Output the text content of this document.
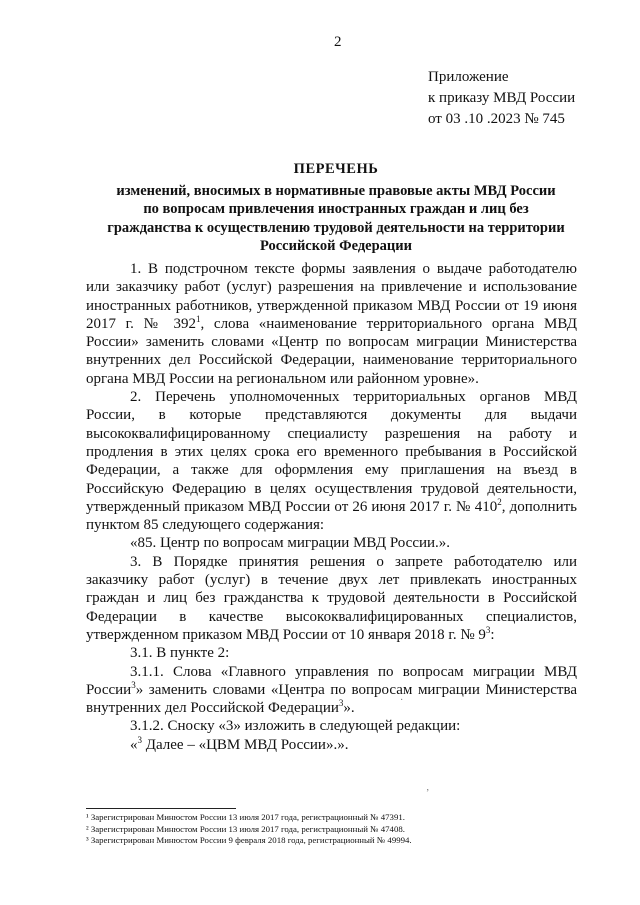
2
Приложение
к приказу МВД России
от 03 .10 .2023 № 745
ПЕРЕЧЕНЬ
изменений, вносимых в нормативные правовые акты МВД России
по вопросам привлечения иностранных граждан и лиц без
гражданства к осуществлению трудовой деятельности на территории
Российской Федерации

1. В подстрочном тексте формы заявления о выдаче работодателю или заказчику работ (услуг) разрешения на привлечение и использование иностранных работников, утвержденной приказом МВД России от 19 июня 2017 г. № $392^1$, слова «наименование территориального органа МВД России» заменить словами «Центр по вопросам миграции Министерства внутренних дел Российской Федерации, наименование территориального органа МВД России на региональном или районном уровне».

2. Перечень уполномоченных территориальных органов МВД России, в которые представляются документы для выдачи высококвалифицированному специалисту разрешения на работу и продления в этих целях срока его временного пребывания в Российской Федерации, а также для оформления ему приглашения на въезд в Российскую Федерацию в целях осуществления трудовой деятельности, утвержденный приказом МВД России от 26 июня 2017 г. № $410^2$, дополнить пунктом 85 следующего содержания:

«85. Центр по вопросам миграции МВД России.».

3. В Порядке принятия решения о запрете работодателю или заказчику работ (услуг) в течение двух лет привлекать иностранных граждан и лиц без гражданства к трудовой деятельности в Российской Федерации в качестве высококвалифицированных специалистов, утвержденном приказом МВД России от 10 января 2018 г. № $9^3$:

3.1. В пункте 2:

3.1.1. Слова «Главного управления по вопросам миграции МВД России$^3$» заменить словами «Центра по вопросам миграции Министерства внутренних дел Российской Федерации$^3$».

3.1.2. Сноску «3» изложить в следующей редакции:

«$^3$ Далее – «ЦВМ МВД России».».

·
‚
¹ Зарегистрирован Минюстом России 13 июля 2017 года, регистрационный № 47391.
² Зарегистрирован Минюстом России 13 июля 2017 года, регистрационный № 47408.
³ Зарегистрирован Минюстом России 9 февраля 2018 года, регистрационный № 49994.
